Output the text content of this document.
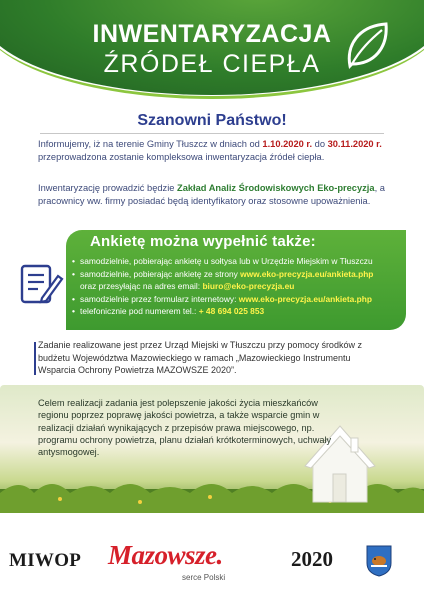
INWENTARYZACJA
ŹRÓDEŁ CIEPŁA
Szanowni Państwo!
Informujemy, iż na terenie Gminy Tłuszcz w dniach od 1.10.2020 r. do 30.11.2020 r. przeprowadzona zostanie kompleksowa inwentaryzacja źródeł ciepła.
Inwentaryzację prowadzić będzie Zakład Analiz Środowiskowych Eko-precyzja, a pracownicy ww. firmy posiadać będą identyfikatory oraz stosowne upoważnienia.
Ankietę można wypełnić także:
• samodzielnie, pobierając ankietę u sołtysa lub w Urzędzie Miejskim w Tłuszczu
• samodzielnie, pobierając ankietę ze strony www.eko-precyzja.eu/ankieta.php
oraz przesyłając na adres email: biuro@eko-precyzja.eu
• samodzielnie przez formularz internetowy: www.eko-precyzja.eu/ankieta.php
• telefonicznie pod numerem tel.: + 48 694 025 853
Zadanie realizowane jest przez Urząd Miejski w Tłuszczu przy pomocy środków z budżetu Województwa Mazowieckiego w ramach „Mazowieckiego Instrumentu Wsparcia Ochrony Powietrza MAZOWSZE 2020”.
Celem realizacji zadania jest polepszenie jakości życia mieszkańców regionu poprzez poprawę jakości powietrza, a także wsparcie gmin w realizacji działań wynikających z przepisów prawa miejscowego, np. programu ochrony powietrza, planu działań krótkoterminowych, uchwały antysmogowej.
MIWOP Mazowsze.
serce Polski
2020
